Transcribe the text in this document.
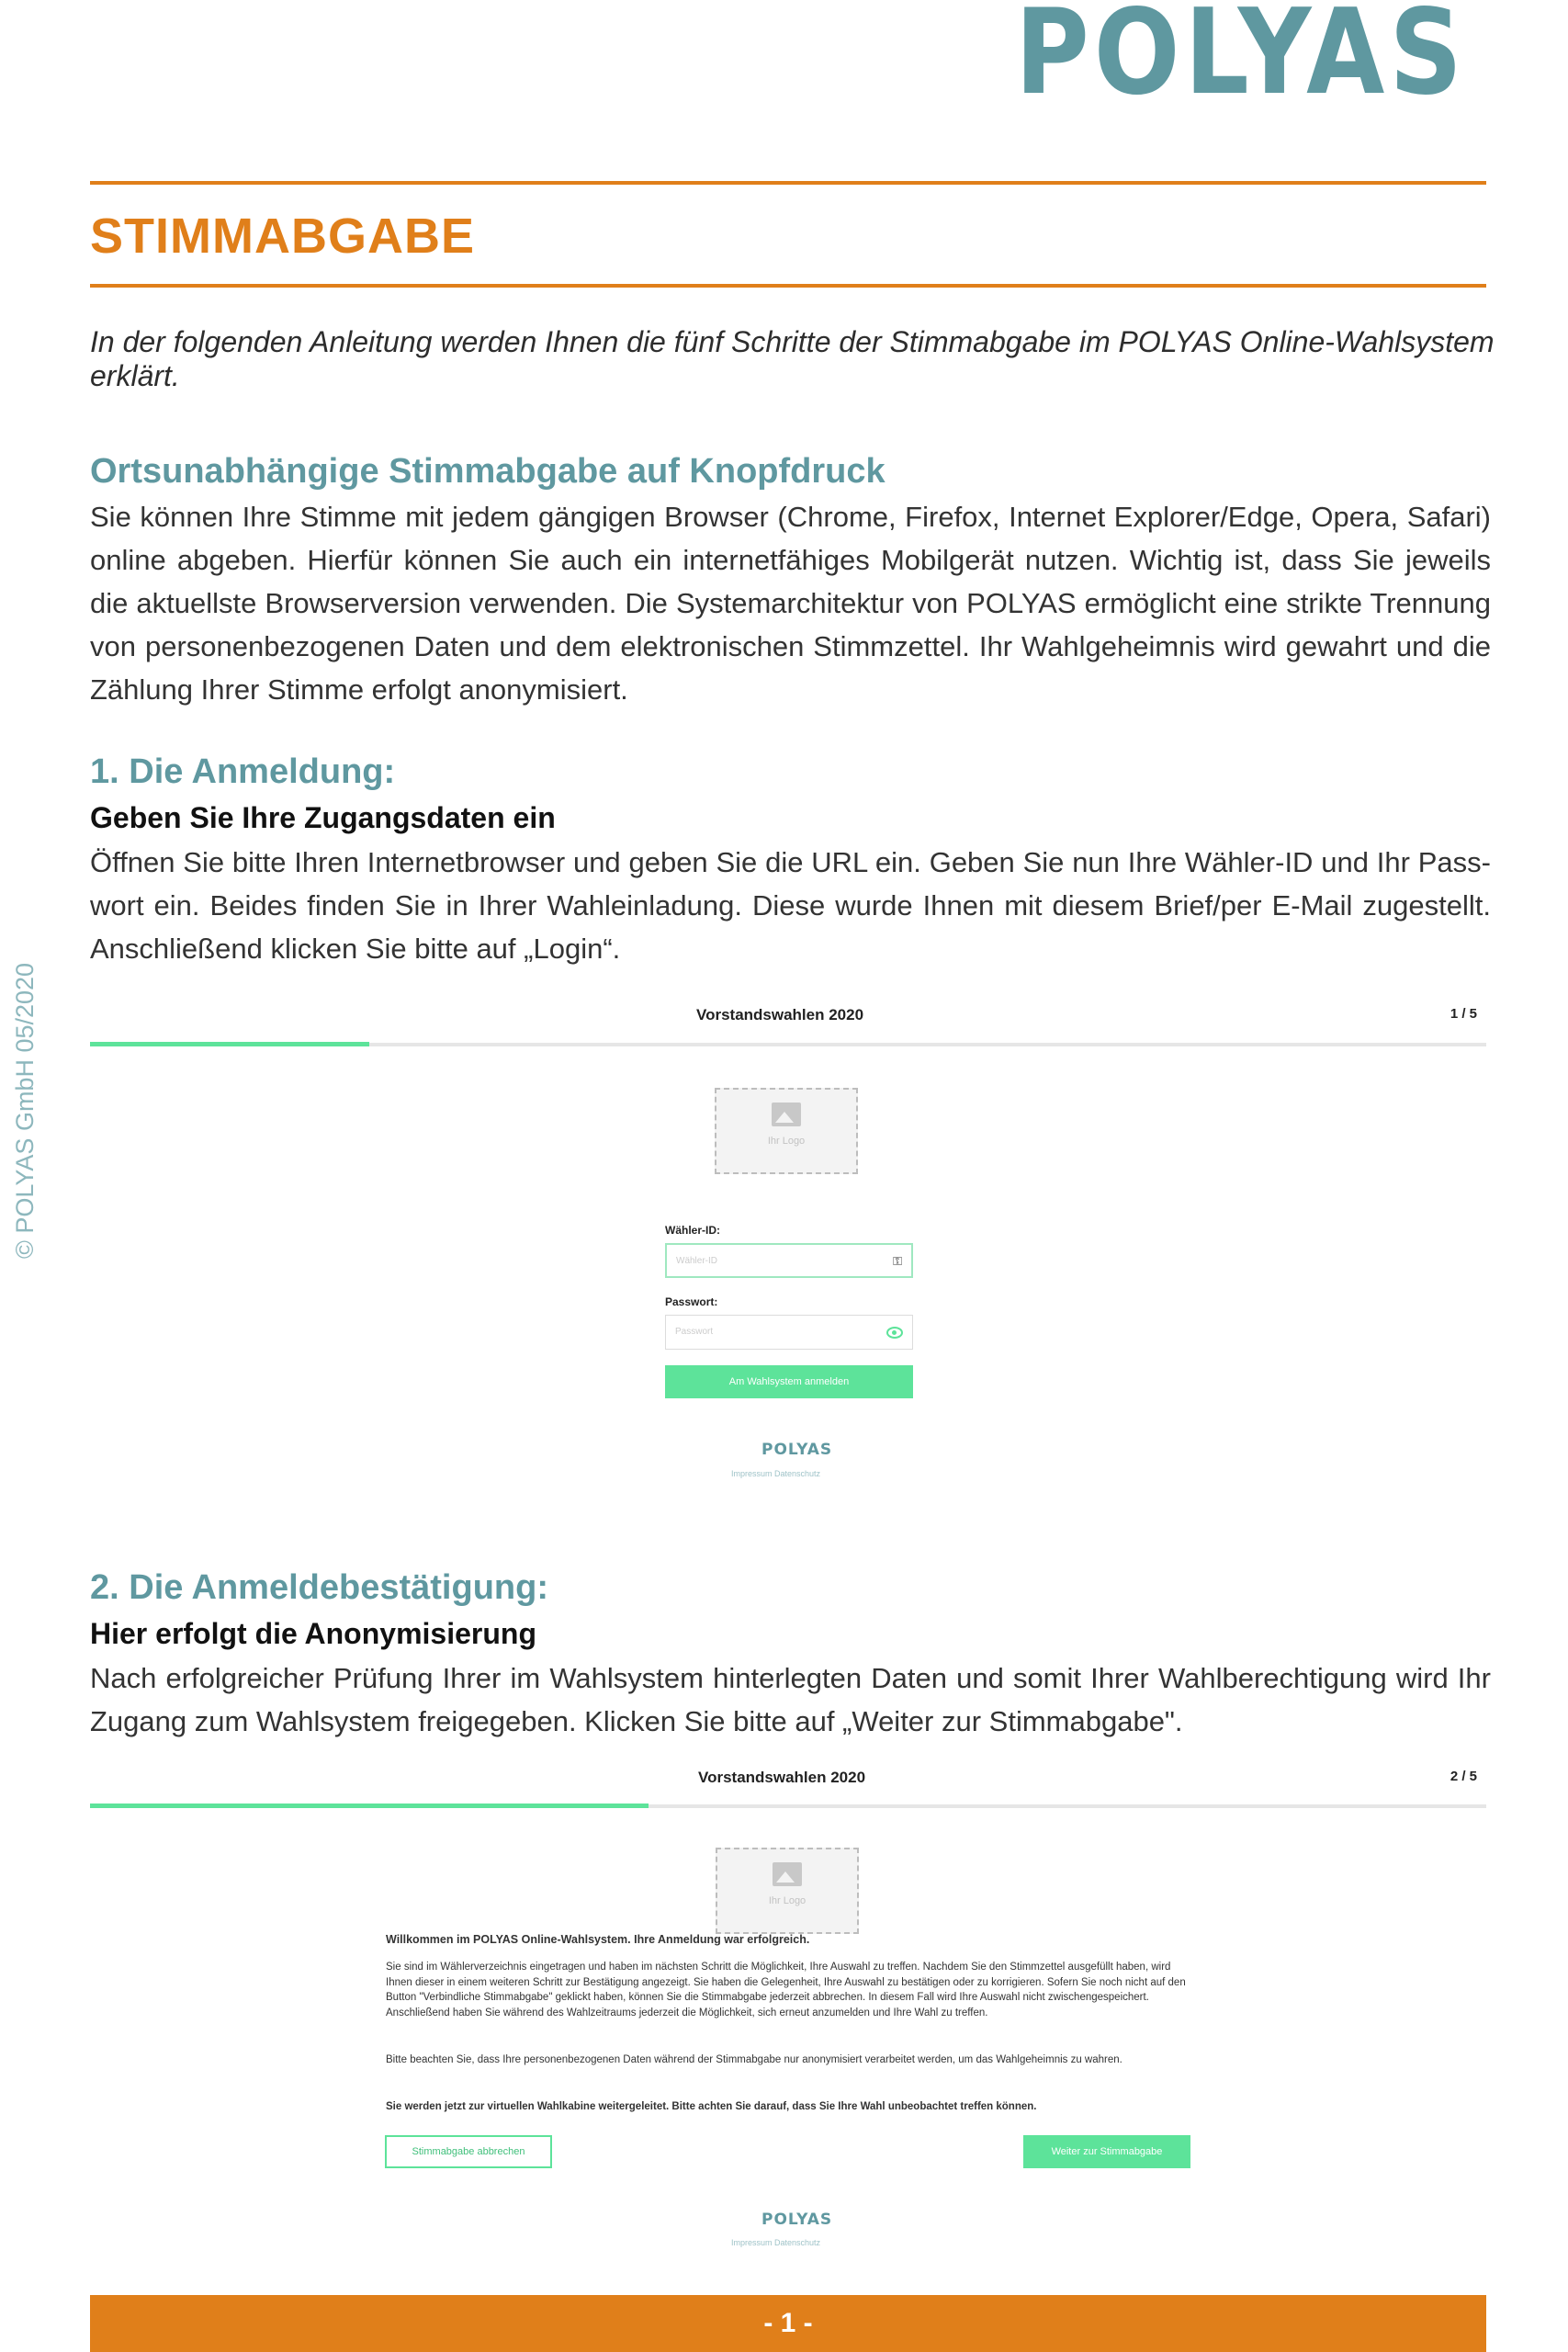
POLYAS
STIMMABGABE
In der folgenden Anleitung werden Ihnen die fünf Schritte der Stimmabgabe im POLYAS Online-Wahlsystem erklärt.
© POLYAS GmbH 05/2020
Ortsunabhängige Stimmabgabe auf Knopfdruck
Sie können Ihre Stimme mit jedem gängigen Browser (Chrome, Firefox, Internet Explorer/Edge, Opera, Safari) online abgeben. Hierfür können Sie auch ein internetfähiges Mobilgerät nutzen. Wichtig ist, dass Sie jeweils die aktuellste Browserversion verwenden. Die Systemarchitektur von POLYAS ermöglicht eine strikte Trennung von personenbezogenen Daten und dem elektronischen Stimmzettel. Ihr Wahlgeheimnis wird gewahrt und die Zählung Ihrer Stimme erfolgt anonymisiert.
1. Die Anmeldung:
Geben Sie Ihre Zugangsdaten ein
Öffnen Sie bitte Ihren Internetbrowser und geben Sie die URL ein. Geben Sie nun Ihre Wähler-ID und Ihr Passwort ein. Beides finden Sie in Ihrer Wahleinladung. Diese wurde Ihnen mit diesem Brief/per E-Mail zugestellt. Anschließend klicken Sie bitte auf „Login“.
Vorstandswahlen 2020	1 / 5
Ihr Logo
Wähler-ID:
Wähler-ID	⚿
Passwort:
Passwort
Am Wahlsystem anmelden
POLYAS
Impressum Datenschutz
2. Die Anmeldebestätigung:
Hier erfolgt die Anonymisierung
Nach erfolgreicher Prüfung Ihrer im Wahlsystem hinterlegten Daten und somit Ihrer Wahlberechtigung wird Ihr Zugang zum Wahlsystem freigegeben. Klicken Sie bitte auf „Weiter zur Stimmabgabe".
Vorstandswahlen 2020	2 / 5
Ihr Logo
Willkommen im POLYAS Online-Wahlsystem. Ihre Anmeldung war erfolgreich.
Sie sind im Wählerverzeichnis eingetragen und haben im nächsten Schritt die Möglichkeit, Ihre Auswahl zu treffen. Nachdem Sie den Stimmzettel ausgefüllt haben, wird Ihnen dieser in einem weiteren Schritt zur Bestätigung angezeigt. Sie haben die Gelegenheit, Ihre Auswahl zu bestätigen oder zu korrigieren. Sofern Sie noch nicht auf den Button "Verbindliche Stimmabgabe" geklickt haben, können Sie die Stimmabgabe jederzeit abbrechen. In diesem Fall wird Ihre Auswahl nicht zwischengespeichert. Anschließend haben Sie während des Wahlzeitraums jederzeit die Möglichkeit, sich erneut anzumelden und Ihre Wahl zu treffen.
Bitte beachten Sie, dass Ihre personenbezogenen Daten während der Stimmabgabe nur anonymisiert verarbeitet werden, um das Wahlgeheimnis zu wahren.
Sie werden jetzt zur virtuellen Wahlkabine weitergeleitet. Bitte achten Sie darauf, dass Sie Ihre Wahl unbeobachtet treffen können.
Stimmabgabe abbrechen	Weiter zur Stimmabgabe
POLYAS
Impressum Datenschutz
- 1 -
